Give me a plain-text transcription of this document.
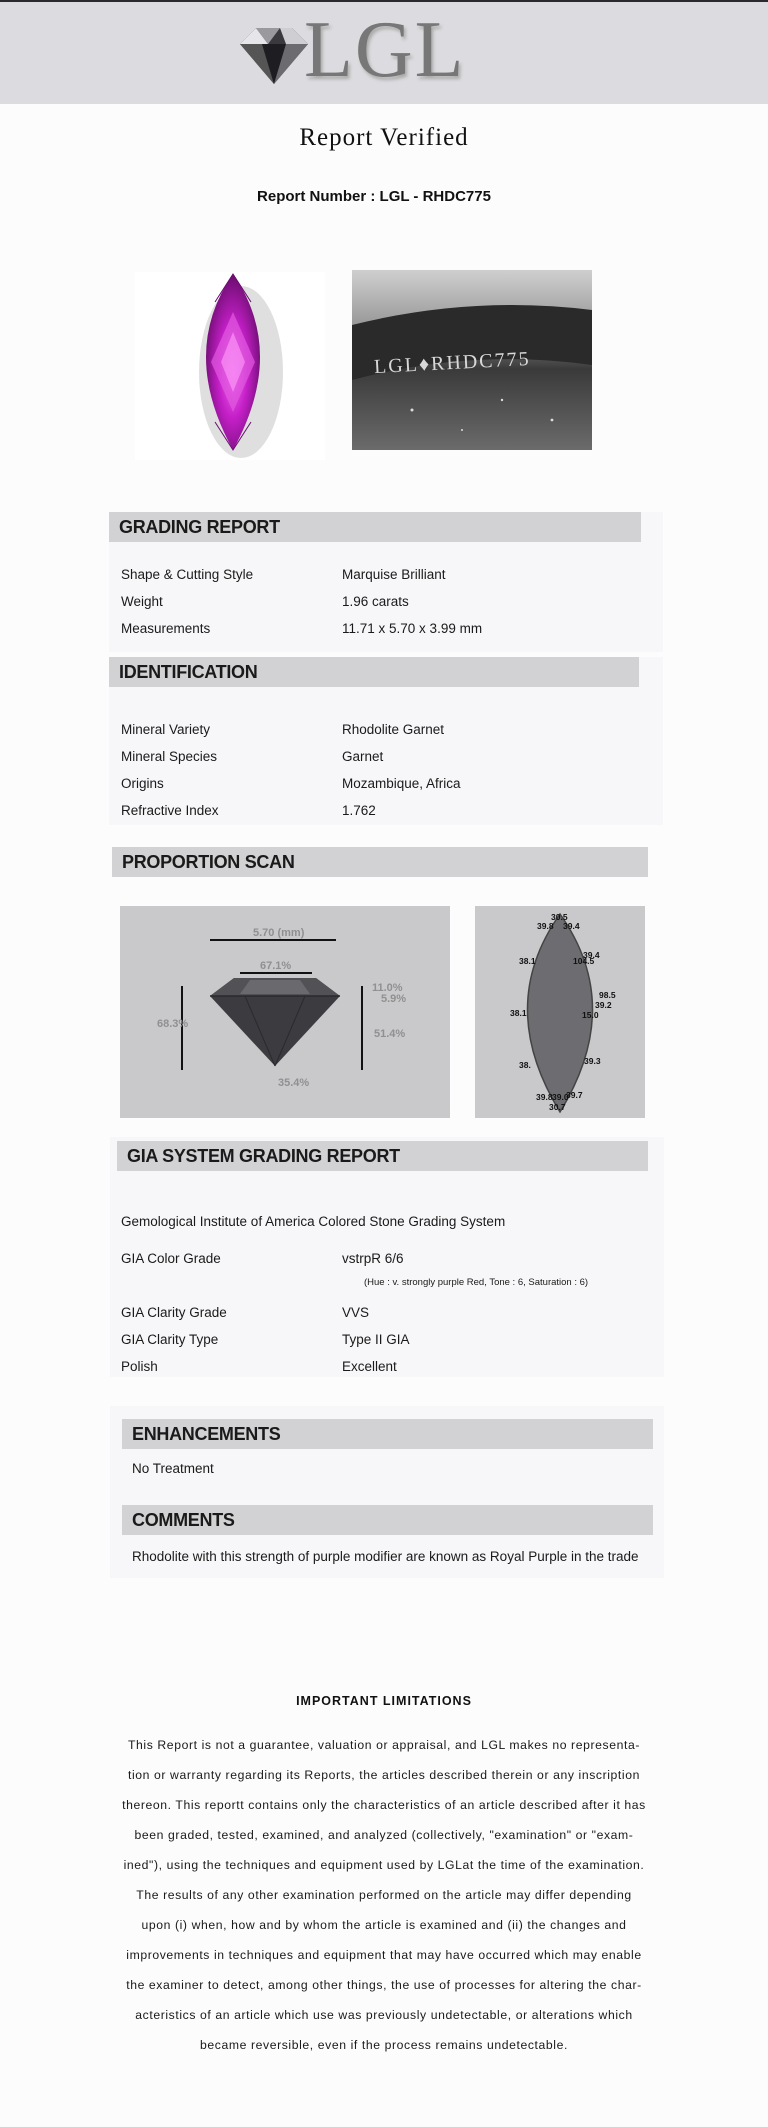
LGL
Report Verified
Report Number : LGL - RHDC775
LGL♦RHDC775
GRADING REPORT
Shape & Cutting Style	Marquise Brilliant
Weight	1.96 carats
Measurements	11.71 x 5.70 x 3.99 mm
IDENTIFICATION
Mineral Variety	Rhodolite Garnet
Mineral Species	Garnet
Origins	Mozambique, Africa
Refractive Index	1.762
PROPORTION SCAN
5.70 (mm)
67.1%
11.0%
5.9%
51.4%
68.3%
35.4%
30.5
39.8 39.4
38.1	104.5
39.4
98.5
39.2
38.1	15.0
39.3
38.
39.8 39.0
39.7
30.7
GIA SYSTEM GRADING REPORT
Gemological Institute of America Colored Stone Grading System
GIA Color Grade	vstrpR 6/6
(Hue : v. strongly purple Red, Tone : 6, Saturation : 6)
GIA Clarity Grade	VVS
GIA Clarity Type	Type II GIA
Polish	Excellent
ENHANCEMENTS
No Treatment
COMMENTS
Rhodolite with this strength of purple modifier are known as Royal Purple in the trade
IMPORTANT LIMITATIONS
This Report is not a guarantee, valuation or appraisal, and LGL makes no representa-
tion or warranty regarding its Reports, the articles described therein or any inscription
thereon. This reportt contains only the characteristics of an article described after it has
been graded, tested, examined, and analyzed (collectively, "examination" or "exam-
ined"), using the techniques and equipment used by LGLat the time of the examination.
The results of any other examination performed on the article may differ depending
upon (i) when, how and by whom the article is examined and (ii) the changes and
improvements in techniques and equipment that may have occurred which may enable
the examiner to detect, among other things, the use of processes for altering the char-
acteristics of an article which use was previously undetectable, or alterations which
became reversible, even if the process remains undetectable.
